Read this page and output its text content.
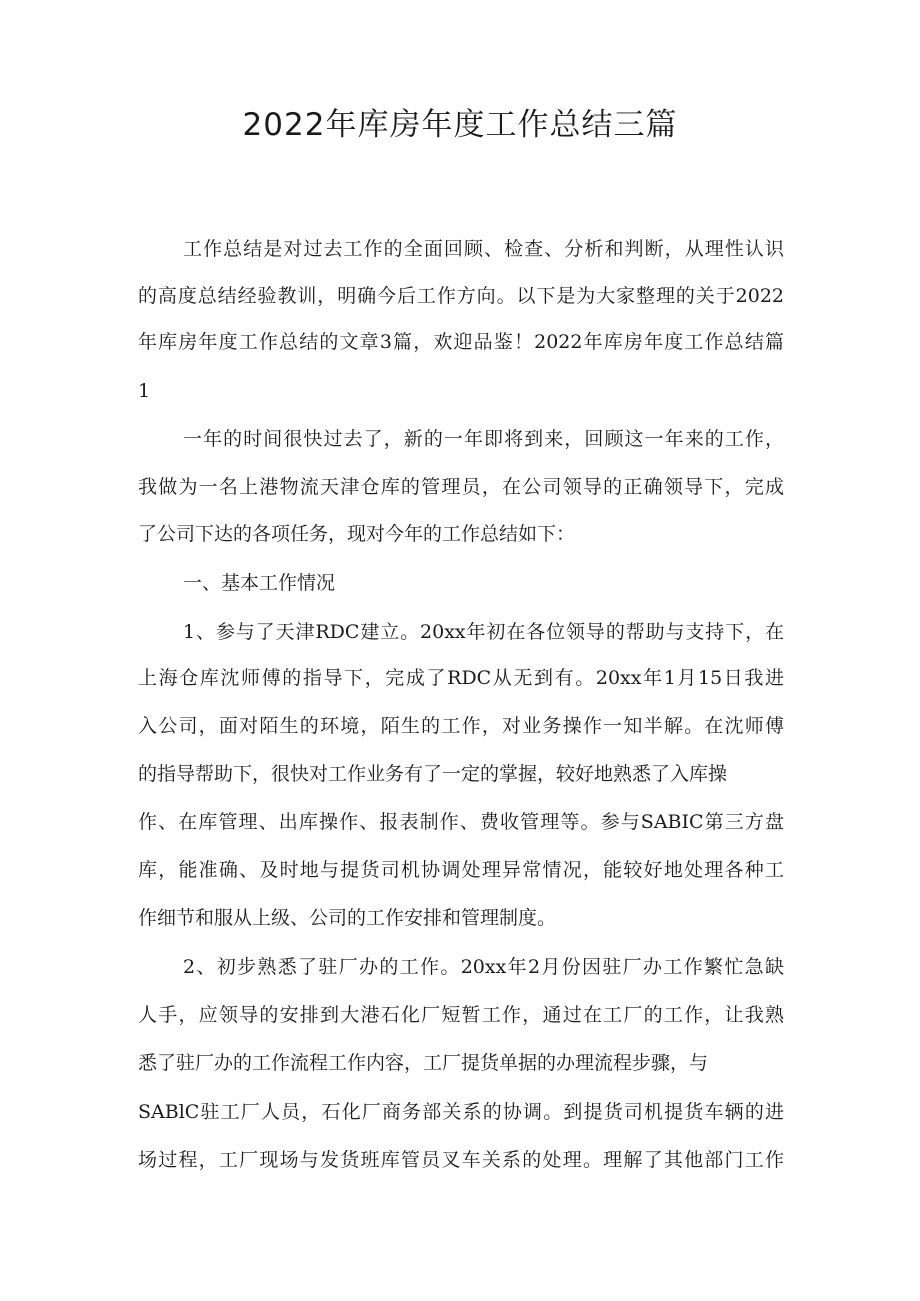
2022年库房年度工作总结三篇

工作总结是对过去工作的全面回顾、检查、分析和判断，从理性认识

的高度总结经验教训，明确今后工作方向。以下是为大家整理的关于2022

年库房年度工作总结的文章3篇，欢迎品鉴！2022年库房年度工作总结篇

1

一年的时间很快过去了，新的一年即将到来，回顾这一年来的工作，

我做为一名上港物流天津仓库的管理员，在公司领导的正确领导下，完成

了公司下达的各项任务，现对今年的工作总结如下：

一、基本工作情况

1、参与了天津RDC建立。20xx年初在各位领导的帮助与支持下，在

上海仓库沈师傅的指导下，完成了RDC从无到有。20xx年1月15日我进

入公司，面对陌生的环境，陌生的工作，对业务操作一知半解。在沈师傅

的指导帮助下，很快对工作业务有了一定的掌握，较好地熟悉了入库操

作、在库管理、出库操作、报表制作、费收管理等。参与SABIC第三方盘

库，能准确、及时地与提货司机协调处理异常情况，能较好地处理各种工

作细节和服从上级、公司的工作安排和管理制度。

2、初步熟悉了驻厂办的工作。20xx年2月份因驻厂办工作繁忙急缺

人手，应领导的安排到大港石化厂短暂工作，通过在工厂的工作，让我熟

悉了驻厂办的工作流程工作内容，工厂提货单据的办理流程步骤，与

SABlC驻工厂人员，石化厂商务部关系的协调。到提货司机提货车辆的进

场过程，工厂现场与发货班库管员叉车关系的处理。理解了其他部门工作
